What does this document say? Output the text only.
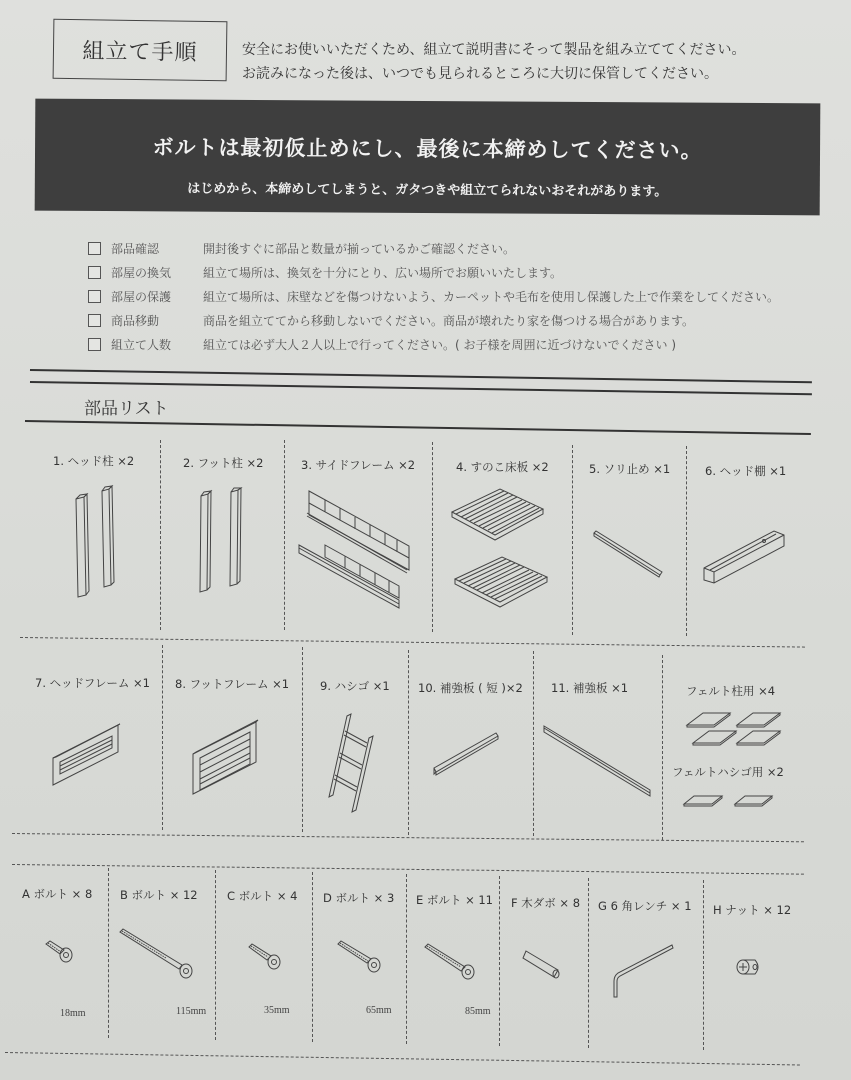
組立て手順	安全にお使いいただくため、組立て説明書にそって製品を組み立ててください。
お読みになった後は、いつでも見られるところに大切に保管してください。
ボルトは最初仮止めにし、最後に本締めしてください。
はじめから、本締めしてしまうと、ガタつきや組立てられないおそれがあります。
部品確認	開封後すぐに部品と数量が揃っているかご確認ください。
部屋の換気	組立て場所は、換気を十分にとり、広い場所でお願いいたします。
部屋の保護	組立て場所は、床壁などを傷つけないよう、カーペットや毛布を使用し保護した上で作業をしてください。
商品移動	商品を組立ててから移動しないでください。商品が壊れたり家を傷つける場合があります。
組立て人数	組立ては必ず大人２人以上で行ってください。( お子様を周囲に近づけないでください )
部品リスト
1. ヘッド柱 ×2	2. フット柱 ×2	3. サイドフレーム ×2	4. すのこ床板 ×2	5. ソリ止め ×1	6. ヘッド棚 ×1
7. ヘッドフレーム ×1 8. フットフレーム ×1	9. ハシゴ ×1 10. 補強板 ( 短 )×2 11. 補強板 ×1	フェルト柱用 ×4
フェルトハシゴ用 ×2
A ボルト × 8 B ボルト × 12	C ボルト × 4 D ボルト × 3 E ボルト × 11 F 木ダボ × 8 G 6 角レンチ × 1 H ナット × 12
18mm	115mm	35mm	65mm	85mm
